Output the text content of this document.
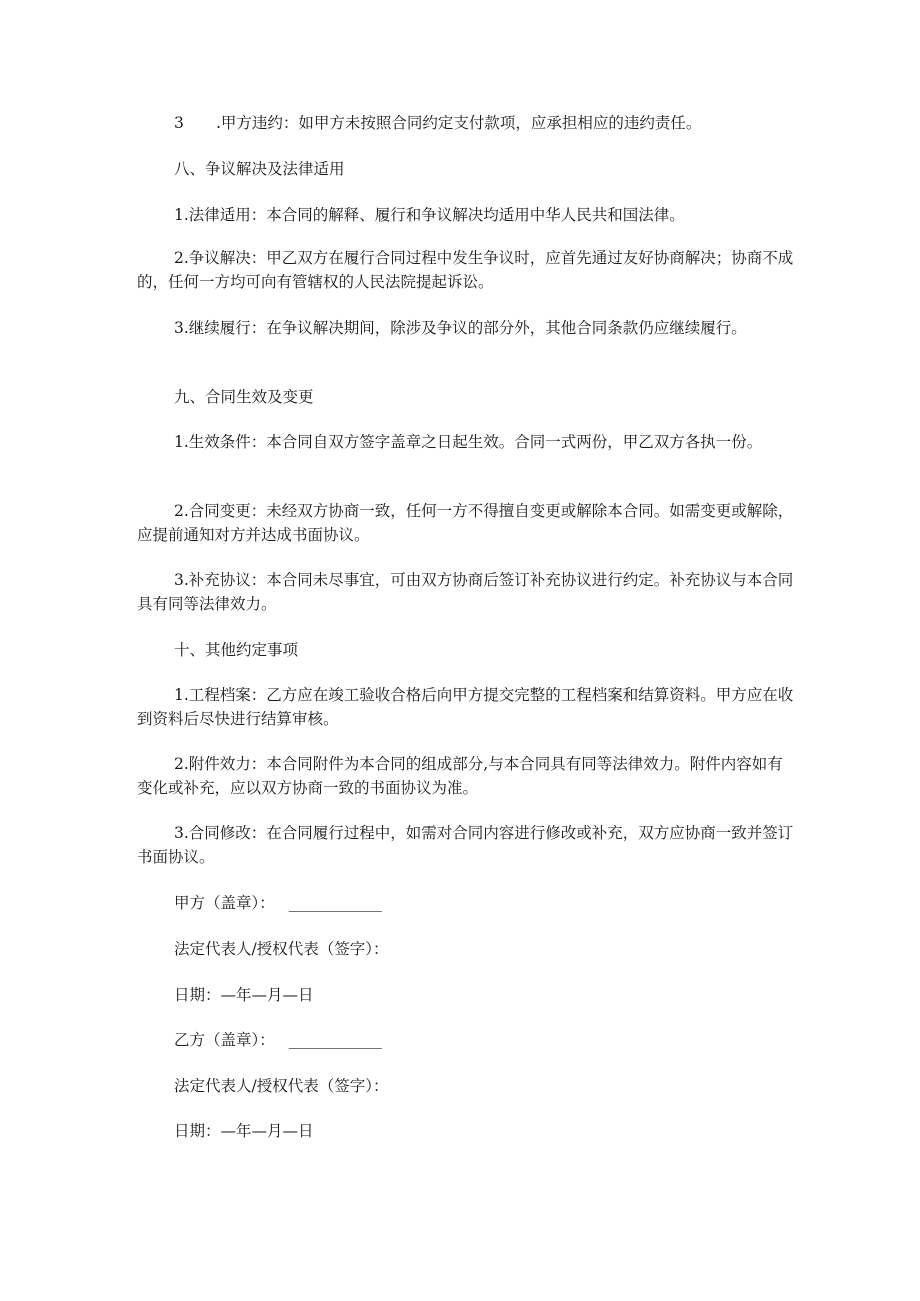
3 .甲方违约：如甲方未按照合同约定支付款项，应承担相应的违约责任。

八、争议解决及法律适用

1.法律适用：本合同的解释、履行和争议解决均适用中华人民共和国法律。

2.争议解决：甲乙双方在履行合同过程中发生争议时，应首先通过友好协商解决；协商不成的，任何一方均可向有管辖权的人民法院提起诉讼。

3.继续履行：在争议解决期间，除涉及争议的部分外，其他合同条款仍应继续履行。

九、合同生效及变更

1.生效条件：本合同自双方签字盖章之日起生效。合同一式两份，甲乙双方各执一份。

2.合同变更：未经双方协商一致，任何一方不得擅自变更或解除本合同。如需变更或解除，应提前通知对方并达成书面协议。

3.补充协议：本合同未尽事宜，可由双方协商后签订补充协议进行约定。补充协议与本合同具有同等法律效力。

十、其他约定事项

1.工程档案：乙方应在竣工验收合格后向甲方提交完整的工程档案和结算资料。甲方应在收到资料后尽快进行结算审核。

2.附件效力：本合同附件为本合同的组成部分,与本合同具有同等法律效力。附件内容如有变化或补充，应以双方协商一致的书面协议为准。

3.合同修改：在合同履行过程中，如需对合同内容进行修改或补充，双方应协商一致并签订书面协议。

甲方（盖章）： ____________

法定代表人/授权代表（签字）：

日期：—年—月—日

乙方（盖章）： ____________

法定代表人/授权代表（签字）：

日期：—年—月—日
